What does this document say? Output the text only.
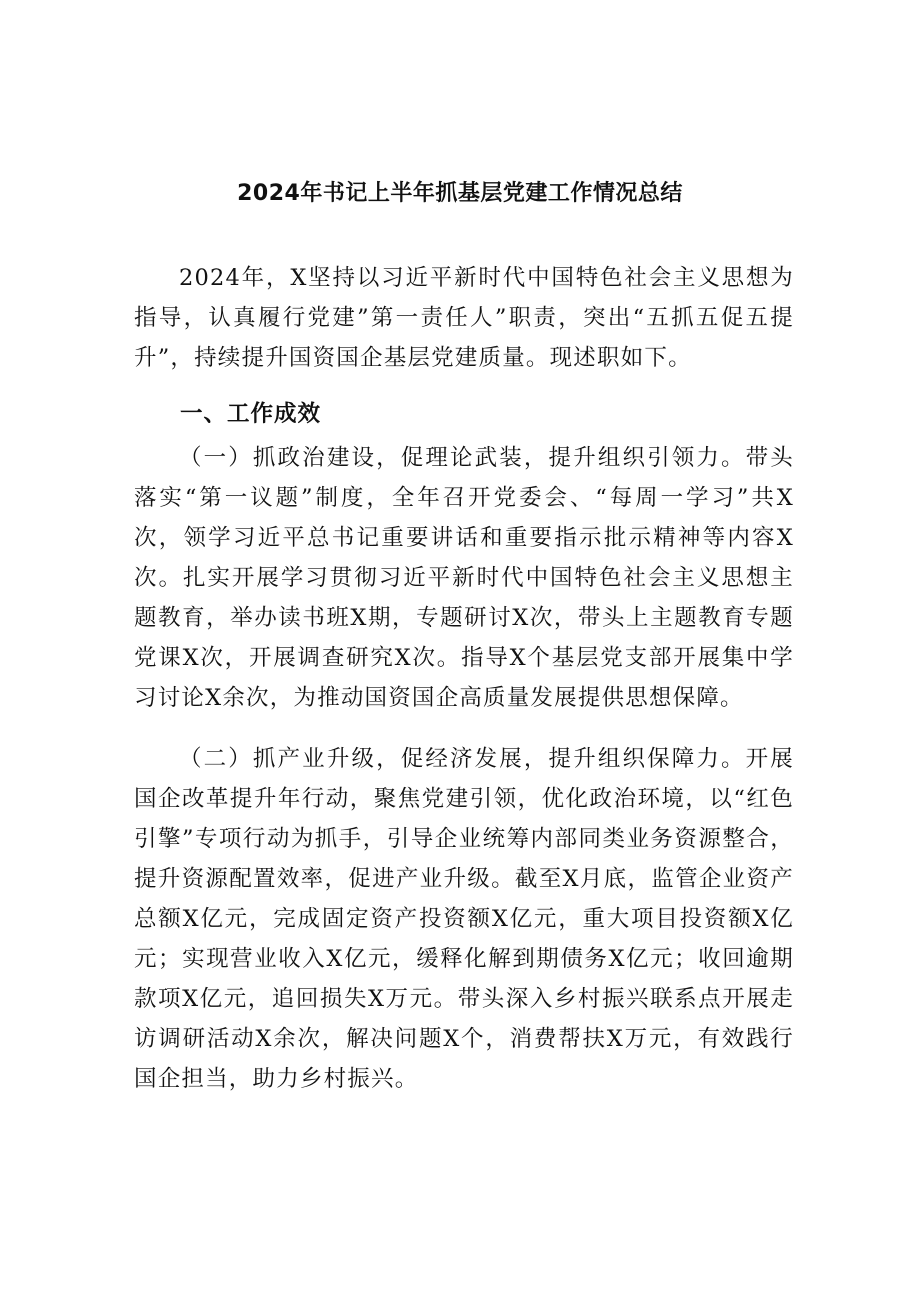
2024年书记上半年抓基层党建工作情况总结
2024年，X坚持以习近平新时代中国特色社会主义思想为指导，认真履行党建”第一责任人”职责，突出“五抓五促五提升”，持续提升国资国企基层党建质量。现述职如下。
一、工作成效
（一）抓政治建设，促理论武装，提升组织引领力。带头落实“第一议题”制度，全年召开党委会、“每周一学习”共X次，领学习近平总书记重要讲话和重要指示批示精神等内容X次。扎实开展学习贯彻习近平新时代中国特色社会主义思想主题教育，举办读书班X期，专题研讨X次，带头上主题教育专题党课X次，开展调查研究X次。指导X个基层党支部开展集中学习讨论X余次，为推动国资国企高质量发展提供思想保障。
（二）抓产业升级，促经济发展，提升组织保障力。开展国企改革提升年行动，聚焦党建引领，优化政治环境，以“红色引擎”专项行动为抓手，引导企业统筹内部同类业务资源整合，提升资源配置效率，促进产业升级。截至X月底，监管企业资产总额X亿元，完成固定资产投资额X亿元，重大项目投资额X亿元；实现营业收入X亿元，缓释化解到期债务X亿元；收回逾期款项X亿元，追回损失X万元。带头深入乡村振兴联系点开展走访调研活动X余次，解决问题X个，消费帮扶X万元，有效践行国企担当，助力乡村振兴。
